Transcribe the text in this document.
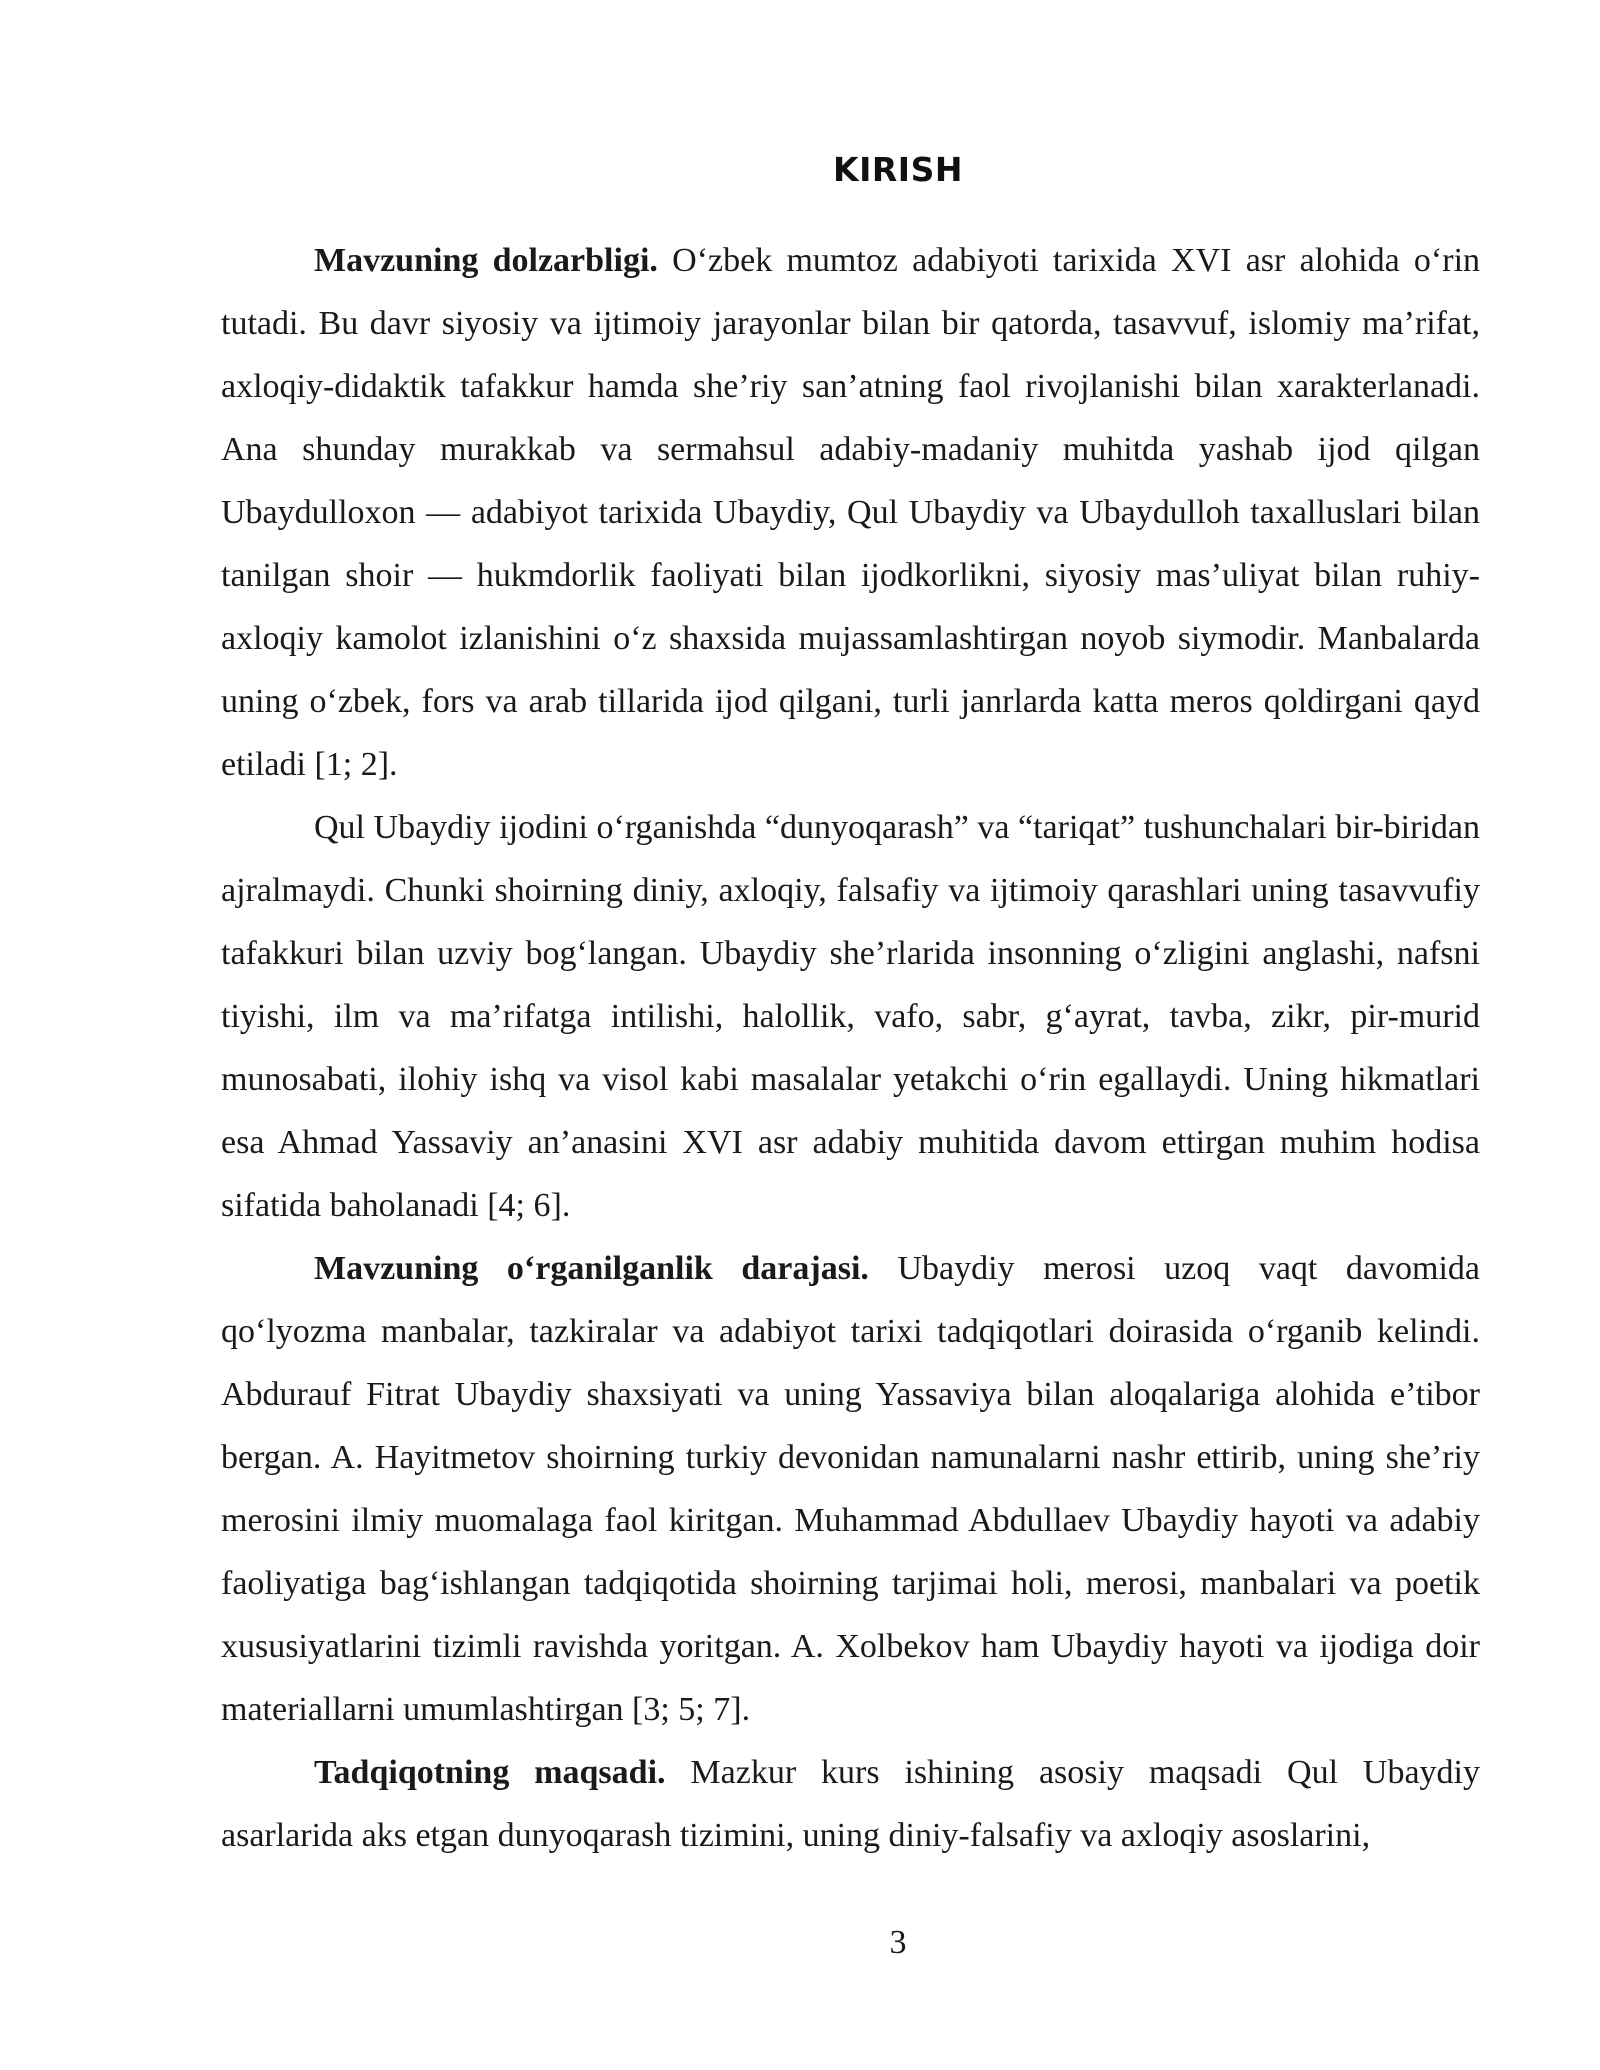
KIRISH

Mavzuning dolzarbligi. O‘zbek mumtoz adabiyoti tarixida XVI asr alohida o‘rin tutadi. Bu davr siyosiy va ijtimoiy jarayonlar bilan bir qatorda, tasavvuf, islomiy ma’rifat, axloqiy-didaktik tafakkur hamda she’riy san’atning faol rivojlanishi bilan xarakterlanadi. Ana shunday murakkab va sermahsul adabiy-madaniy muhitda yashab ijod qilgan Ubaydulloxon — adabiyot tarixida Ubaydiy, Qul Ubaydiy va Ubaydulloh taxalluslari bilan tanilgan shoir — hukmdorlik faoliyati bilan ijodkorlikni, siyosiy mas’uliyat bilan ruhiy-axloqiy kamolot izlanishini o‘z shaxsida mujassamlashtirgan noyob siymodir. Manbalarda uning o‘zbek, fors va arab tillarida ijod qilgani, turli janrlarda katta meros qoldirgani qayd etiladi [1; 2].

Qul Ubaydiy ijodini o‘rganishda “dunyoqarash” va “tariqat” tushunchalari bir-biridan ajralmaydi. Chunki shoirning diniy, axloqiy, falsafiy va ijtimoiy qarashlari uning tasavvufiy tafakkuri bilan uzviy bog‘langan. Ubaydiy she’rlarida insonning o‘zligini anglashi, nafsni tiyishi, ilm va ma’rifatga intilishi, halollik, vafo, sabr, g‘ayrat, tavba, zikr, pir-murid munosabati, ilohiy ishq va visol kabi masalalar yetakchi o‘rin egallaydi. Uning hikmatlari esa Ahmad Yassaviy an’anasini XVI asr adabiy muhitida davom ettirgan muhim hodisa sifatida baholanadi [4; 6].

Mavzuning o‘rganilganlik darajasi. Ubaydiy merosi uzoq vaqt davomida qo‘lyozma manbalar, tazkiralar va adabiyot tarixi tadqiqotlari doirasida o‘rganib kelindi. Abdurauf Fitrat Ubaydiy shaxsiyati va uning Yassaviya bilan aloqalariga alohida e’tibor bergan. A. Hayitmetov shoirning turkiy devonidan namunalarni nashr ettirib, uning she’riy merosini ilmiy muomalaga faol kiritgan. Muhammad Abdullaev Ubaydiy hayoti va adabiy faoliyatiga bag‘ishlangan tadqiqotida shoirning tarjimai holi, merosi, manbalari va poetik xususiyatlarini tizimli ravishda yoritgan. A. Xolbekov ham Ubaydiy hayoti va ijodiga doir materiallarni umumlashtirgan [3; 5; 7].

Tadqiqotning maqsadi. Mazkur kurs ishining asosiy maqsadi Qul Ubaydiy asarlarida aks etgan dunyoqarash tizimini, uning diniy-falsafiy va axloqiy asoslarini,

3
